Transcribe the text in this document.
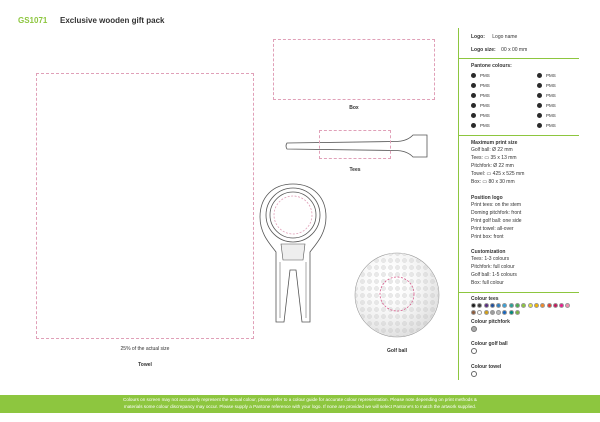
GS1071 Exclusive wooden gift pack
25% of the actual size
Towel
Box
Tees
Golf ball
Logo: Logo name
Logo size: 00 x 00 mm
Pantone colours:
PMS
PMS
PMS
PMS
PMS
PMS
PMS
PMS
PMS
PMS
PMS
PMS
Maximum print size
Golf ball: Ø 22 mm
Tees: ▭ 35 x 13 mm
Pitchfork: Ø 22 mm
Towel: ▭ 425 x 525 mm
Box: ▭ 80 x 30 mm
Position logo
Print tees: on the stem
Doming pitchfork: front
Print golf ball: one side
Print towel: all-over
Print box: front
Customization
Tees: 1-3 colours
Pitchfork: full colour
Golf ball: 1-5 colours
Box: full colour
Colour tees
Colour pitchfork
Colour golf ball
Colour towel
Colours on screen may not accurately represent the actual colour, please refer to a colour guide for accurate colour representation. Please note depending on print methods &
materials some colour discrepancy may occur. Please supply a Pantone reference with your logo. If none are provided we will select Pantone's to match the artwork supplied.
